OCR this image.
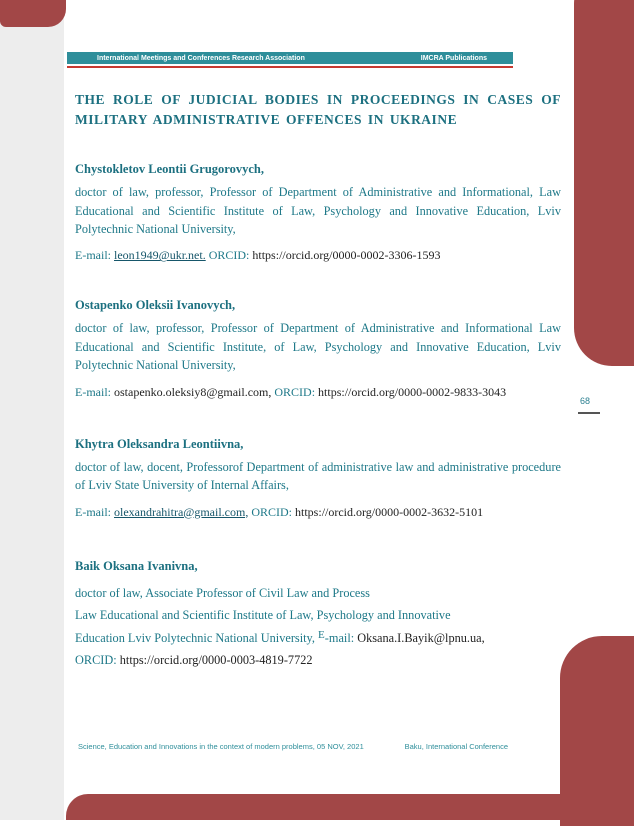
International Meetings and Conferences Research Association	IMCRA Publications
68
THE ROLE OF JUDICIAL BODIES IN PROCEEDINGS IN CASES OF MILITARY ADMINISTRATIVE OFFENCES IN UKRAINE

Chystokletov Leontii Grugorovych,

doctor of law, professor, Professor of Department of Administrative and Informational, Law Educational and Scientific Institute of Law, Psychology and Innovative Education, Lviv Polytechnic National University,

E-mail: leon1949@ukr.net. ORCID: https://orcid.org/0000-0002-3306-1593

Ostapenko Oleksii Ivanovych,

doctor of law, professor, Professor of Department of Administrative and Informational Law Educational and Scientific Institute, of Law, Psychology and Innovative Education, Lviv Polytechnic National University,

E-mail: ostapenko.oleksiy8@gmail.com, ORCID: https://orcid.org/0000-0002-9833-3043

Khytra Oleksandra Leontiivna,

doctor of law, docent, Professorof Department of administrative law and administrative procedure of Lviv State University of Internal Affairs,

E-mail: olexandrahitra@gmail.com, ORCID: https://orcid.org/0000-0002-3632-5101

Baik Oksana Ivanivna,

doctor of law, Associate Professor of Civil Law and Process
Law Educational and Scientific Institute of Law, Psychology and Innovative
Education Lviv Polytechnic National University, E-mail: Oksana.I.Bayik@lpnu.ua,
ORCID: https://orcid.org/0000-0003-4819-7722

Science, Education and Innovations in the context of modern problems, 05 NOV, 2021	Baku, International Conference
